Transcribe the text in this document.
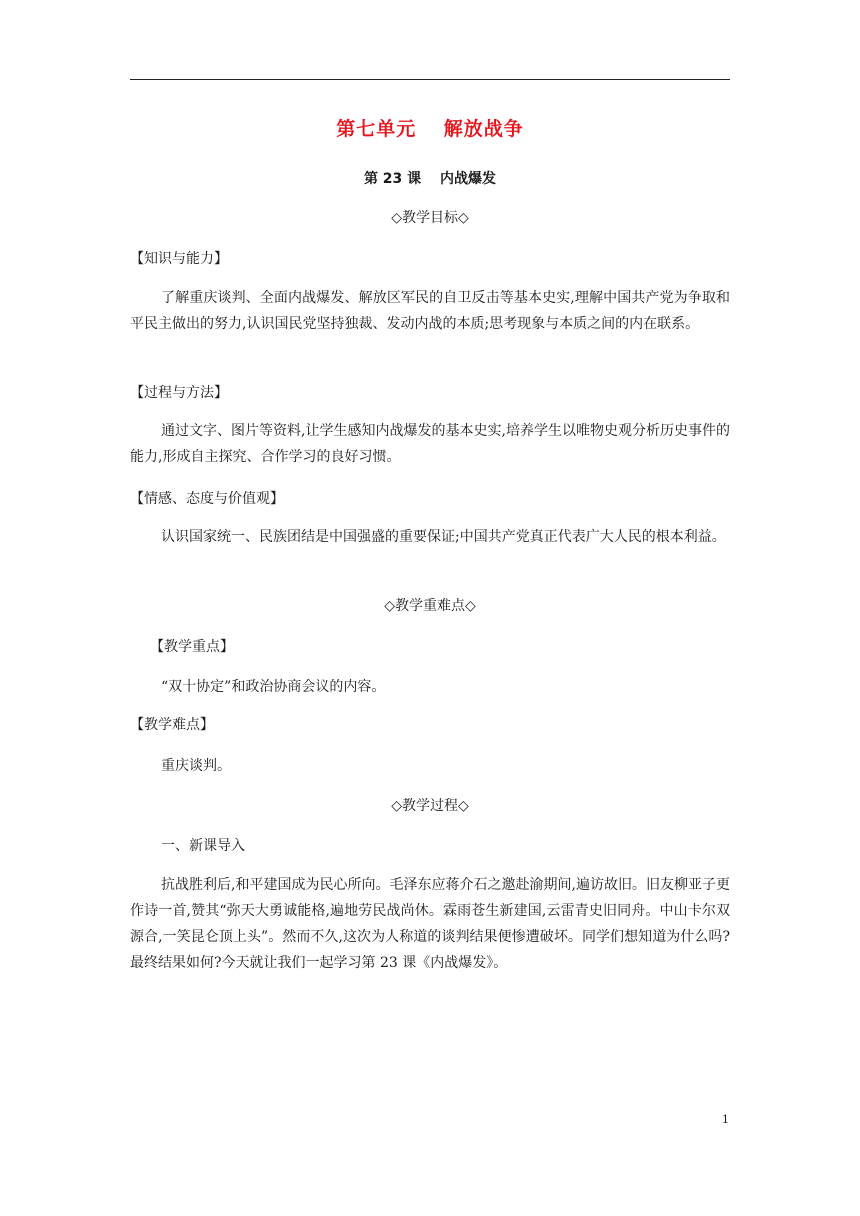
第七单元　 解放战争
第 23 课　 内战爆发
◇教学目标◇
【知识与能力】
了解重庆谈判、全面内战爆发、解放区军民的自卫反击等基本史实,理解中国共产党为争取和平民主做出的努力,认识国民党坚持独裁、发动内战的本质;思考现象与本质之间的内在联系。
【过程与方法】
通过文字、图片等资料,让学生感知内战爆发的基本史实,培养学生以唯物史观分析历史事件的能力,形成自主探究、合作学习的良好习惯。
【情感、态度与价值观】
认识国家统一、民族团结是中国强盛的重要保证;中国共产党真正代表广大人民的根本利益。
◇教学重难点◇
【教学重点】
“双十协定”和政治协商会议的内容。
【教学难点】
重庆谈判。
◇教学过程◇
一、新课导入
抗战胜利后,和平建国成为民心所向。毛泽东应蒋介石之邀赴渝期间,遍访故旧。旧友柳亚子更作诗一首,赞其“弥天大勇诚能格,遍地劳民战尚休。霖雨苍生新建国,云雷青史旧同舟。中山卡尔双源合,一笑昆仑顶上头”。然而不久,这次为人称道的谈判结果便惨遭破坏。同学们想知道为什么吗?最终结果如何?今天就让我们一起学习第 23 课《内战爆发》。
1
